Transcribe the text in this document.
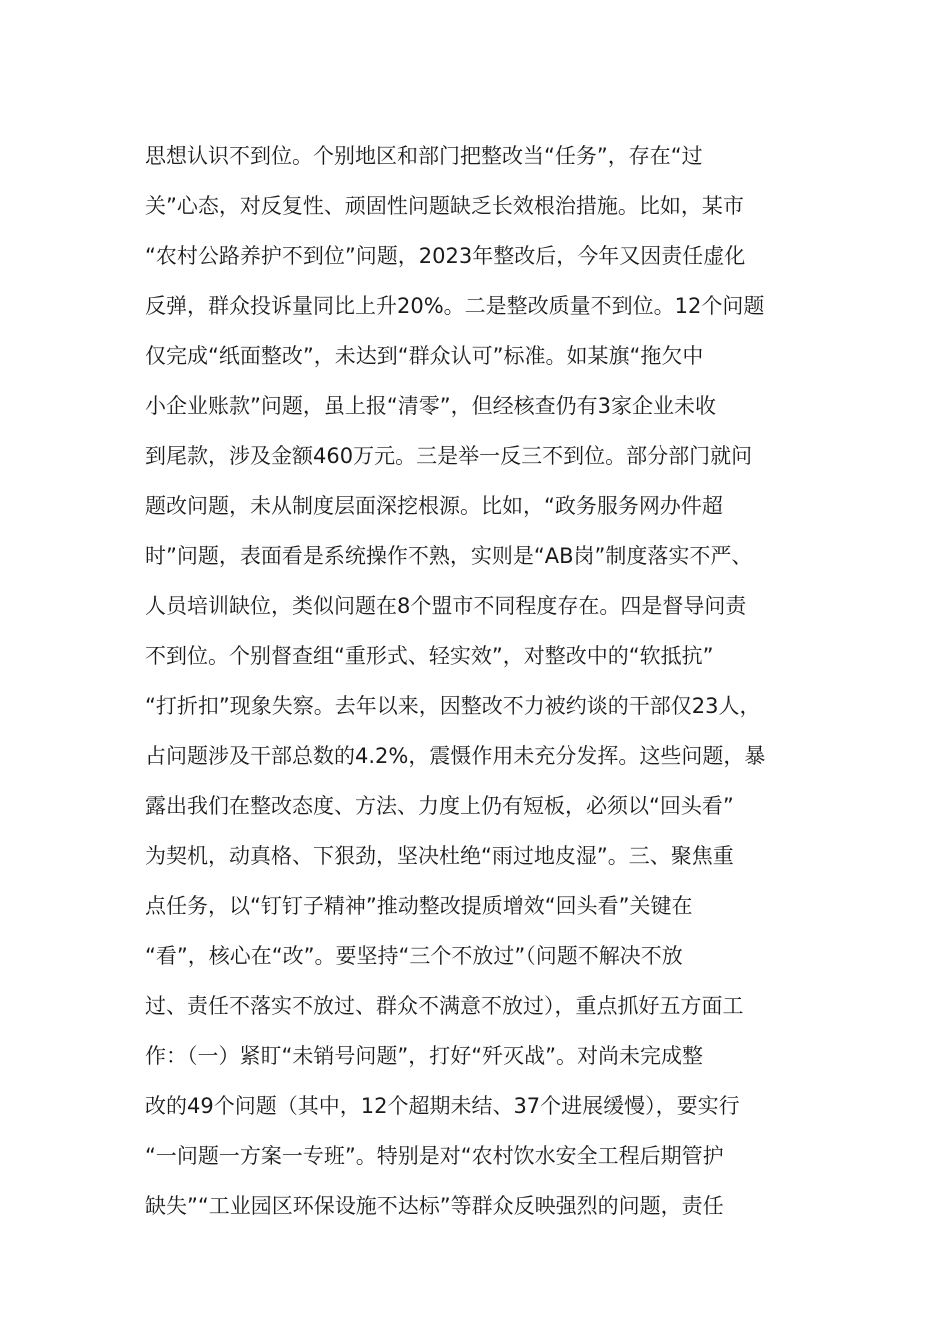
思想认识不到位。个别地区和部门把整改当“任务”，存在“过
关”心态，对反复性、顽固性问题缺乏长效根治措施。比如，某市
“农村公路养护不到位”问题，2023年整改后，今年又因责任虚化
反弹，群众投诉量同比上升20%。二是整改质量不到位。12个问题
仅完成“纸面整改”，未达到“群众认可”标准。如某旗“拖欠中
小企业账款”问题，虽上报“清零”，但经核查仍有3家企业未收
到尾款，涉及金额460万元。三是举一反三不到位。部分部门就问
题改问题，未从制度层面深挖根源。比如，“政务服务网办件超
时”问题，表面看是系统操作不熟，实则是“AB岗”制度落实不严、
人员培训缺位，类似问题在8个盟市不同程度存在。四是督导问责
不到位。个别督查组“重形式、轻实效”，对整改中的“软抵抗”
“打折扣”现象失察。去年以来，因整改不力被约谈的干部仅23人，
占问题涉及干部总数的4.2%，震慑作用未充分发挥。这些问题，暴
露出我们在整改态度、方法、力度上仍有短板，必须以“回头看”
为契机，动真格、下狠劲，坚决杜绝“雨过地皮湿”。三、聚焦重
点任务，以“钉钉子精神”推动整改提质增效“回头看”关键在
“看”，核心在“改”。要坚持“三个不放过”（问题不解决不放
过、责任不落实不放过、群众不满意不放过），重点抓好五方面工
作：（一）紧盯“未销号问题”，打好“歼灭战”。对尚未完成整
改的49个问题（其中，12个超期未结、37个进展缓慢），要实行
“一问题一方案一专班”。特别是对“农村饮水安全工程后期管护
缺失”“工业园区环保设施不达标”等群众反映强烈的问题，责任
